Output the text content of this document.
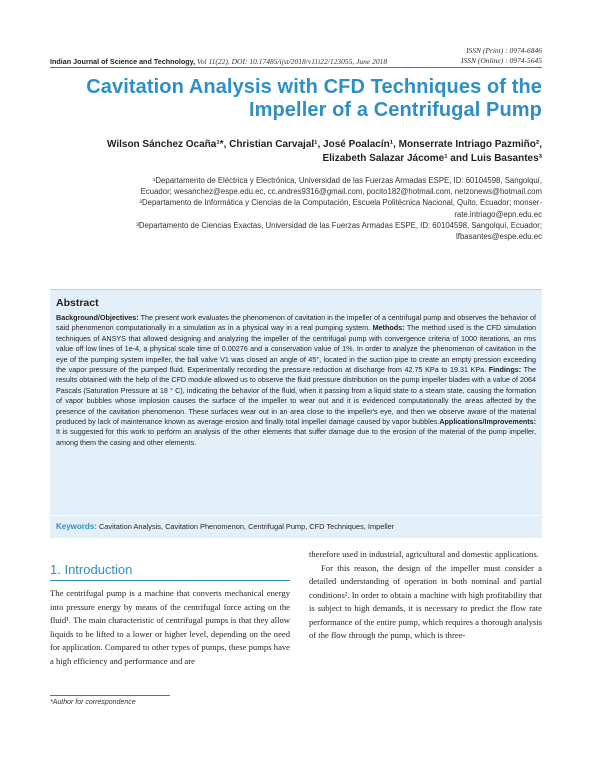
ISSN (Print) : 0974-6846
ISSN (Online) : 0974-5645
Indian Journal of Science and Technology, Vol 11(22), DOI: 10.17485/ijst/2018/v11i22/123055, June 2018
Cavitation Analysis with CFD Techniques of the
Impeller of a Centrifugal Pump
Wilson Sánchez Ocaña¹*, Christian Carvajal¹, José Poalacín¹, Monserrate Intriago Pazmiño²,
Elizabeth Salazar Jácome¹ and Luis Basantes³
¹Departamento de Eléctrica y Electrónica, Universidad de las Fuerzas Armadas ESPE, ID: 60104598, Sangolquí,
Ecuador; wesanchez@espe.edu.ec, cc.andres9316@gmail.com, pocito182@hotmail.com, netzonews@hotmail.com
²Departamento de Informática y Ciencias de la Computación, Escuela Politécnica Nacional, Quito, Ecuador; monser-
rate.intriago@epn.edu.ec
³Departamento de Ciencias Exactas, Universidad de las Fuerzas Armadas ESPE, ID: 60104598, Sangolquí, Ecuador;
lfbasantes@espe.edu.ec
Abstract
Background/Objectives: The present work evaluates the phenomenon of cavitation in the impeller of a centrifugal pump and observes the behavior of said phenomenon computationally in a simulation as in a physical way in a real pumping system. Methods: The method used is the CFD simulation techniques of ANSYS that allowed designing and analyzing the impeller of the centrifugal pump with convergence criteria of 1000 iterations, an rms value off low lines of 1e-4, a physical scale time of 0.00276 and a conservation value of 1%. In order to analyze the phenomenon of cavitation in the eye of the pumping system impeller, the ball valve V1 was closed an angle of 45°, located in the suction pipe to create an empty pression exceeding the vapor pressure of the pumped fluid. Experimentally recording the pressure reduction at discharge from 42.75 KPa to 19.31 KPa. Findings: The results obtained with the help of the CFD module allowed us to observe the fluid pressure distribution on the pump impeller blades with a value of 2064 Pascals (Saturation Pressure at 18 ° C), indicating the behavior of the fluid, when it passing from a liquid state to a steam state, causing the formation of vapor bubbles whose implosion causes the surface of the impeller to wear out and it is evidenced computationally the areas affected by the presence of the cavitation phenomenon. These surfaces wear out in an area close to the impeller's eye, and then we observe aware of the material produced by lack of maintenance known as average erosion and finally total impeller damage caused by vapor bubbles.Applications/Improvements: It is suggested for this work to perform an analysis of the other elements that suffer damage due to the erosion of the material of the pump impeller, among them the casing and other elements.
Keywords: Cavitation Analysis, Cavitation Phenomenon, Centrifugal Pump, CFD Techniques, Impeller
1. Introduction

The centrifugal pump is a machine that converts mechanical energy into pressure energy by means of the centrifugal force acting on the fluid¹. The main characteristic of centrifugal pumps is that they allow liquids to be lifted to a lower or higher level, depending on the need for application. Compared to other types of pumps, these pumps have a high efficiency and performance and are

therefore used in industrial, agricultural and domestic applications.

For this reason, the design of the impeller must consider a detailed understanding of operation in both nominal and partial conditions². In order to obtain a machine with high profitability that is subject to high demands, it is necessary to predict the flow rate performance of the entire pump, which requires a thorough analysis of the flow through the pump, which is three-

*Author for correspondence
